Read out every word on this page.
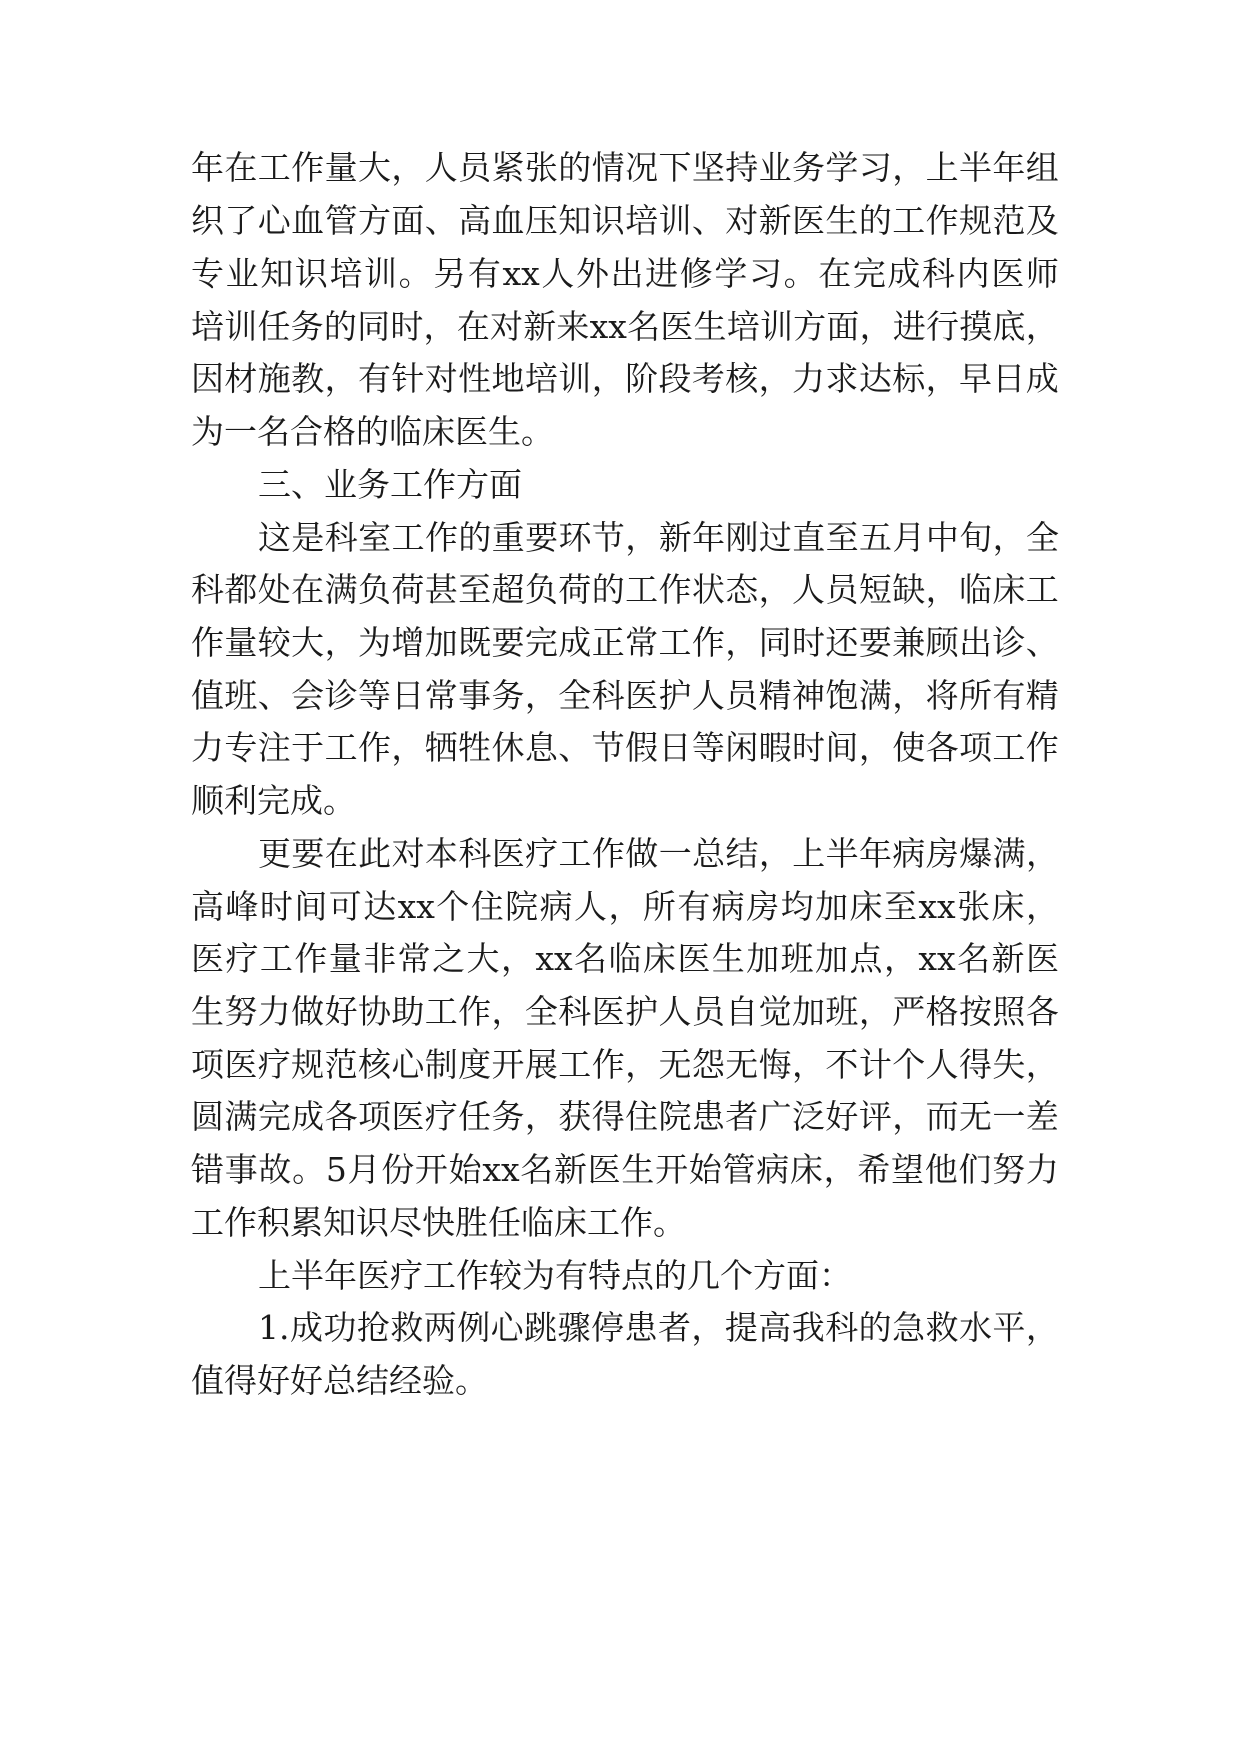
年 在 工 作 量 大 ， 人 员 紧 张 的 情 况 下 坚 持 业 务 学 习 ， 上 半 年 组
织 了 心 血 管 方 面 、 高 血 压 知 识 培 训 、 对 新 医 生 的 工 作 规 范 及
专 业 知 识 培 训 。 另 有 xx 人 外 出 进 修 学 习 。 在 完 成 科 内 医 师
培 训 任 务 的 同 时 ， 在 对 新 来 xx 名 医 生 培 训 方 面 ， 进 行 摸 底 ，
因 材 施 教 ， 有 针 对 性 地 培 训 ， 阶 段 考 核 ， 力 求 达 标 ， 早 日 成
为一名合格的临床医生。
三、业务工作方面
这 是 科 室 工 作 的 重 要 环 节 ， 新 年 刚 过 直 至 五 月 中 旬 ， 全
科 都 处 在 满 负 荷 甚 至 超 负 荷 的 工 作 状 态 ， 人 员 短 缺 ， 临 床 工
作 量 较 大 ， 为 增 加 既 要 完 成 正 常 工 作 ， 同 时 还 要 兼 顾 出 诊 、
值 班 、 会 诊 等 日 常 事 务 ， 全 科 医 护 人 员 精 神 饱 满 ， 将 所 有 精
力 专 注 于 工 作 ， 牺 牲 休 息 、 节 假 日 等 闲 暇 时 间 ， 使 各 项 工 作
顺利完成。
更 要 在 此 对 本 科 医 疗 工 作 做 一 总 结 ， 上 半 年 病 房 爆 满 ，
高 峰 时 间 可 达 xx 个 住 院 病 人 ， 所 有 病 房 均 加 床 至 xx 张 床 ，
医 疗 工 作 量 非 常 之 大 ， xx 名 临 床 医 生 加 班 加 点 ， xx 名 新 医
生 努 力 做 好 协 助 工 作 ， 全 科 医 护 人 员 自 觉 加 班 ， 严 格 按 照 各
项 医 疗 规 范 核 心 制 度 开 展 工 作 ， 无 怨 无 悔 ， 不 计 个 人 得 失 ，
圆 满 完 成 各 项 医 疗 任 务 ， 获 得 住 院 患 者 广 泛 好 评 ， 而 无 一 差
错 事 故 。 5 月 份 开 始 xx 名 新 医 生 开 始 管 病 床 ， 希 望 他 们 努 力
工作积累知识尽快胜任临床工作。
上半年医疗工作较为有特点的几个方面：
1. 成 功 抢 救 两 例 心 跳 骤 停 患 者 ， 提 高 我 科 的 急 救 水 平 ，
值得好好总结经验。
